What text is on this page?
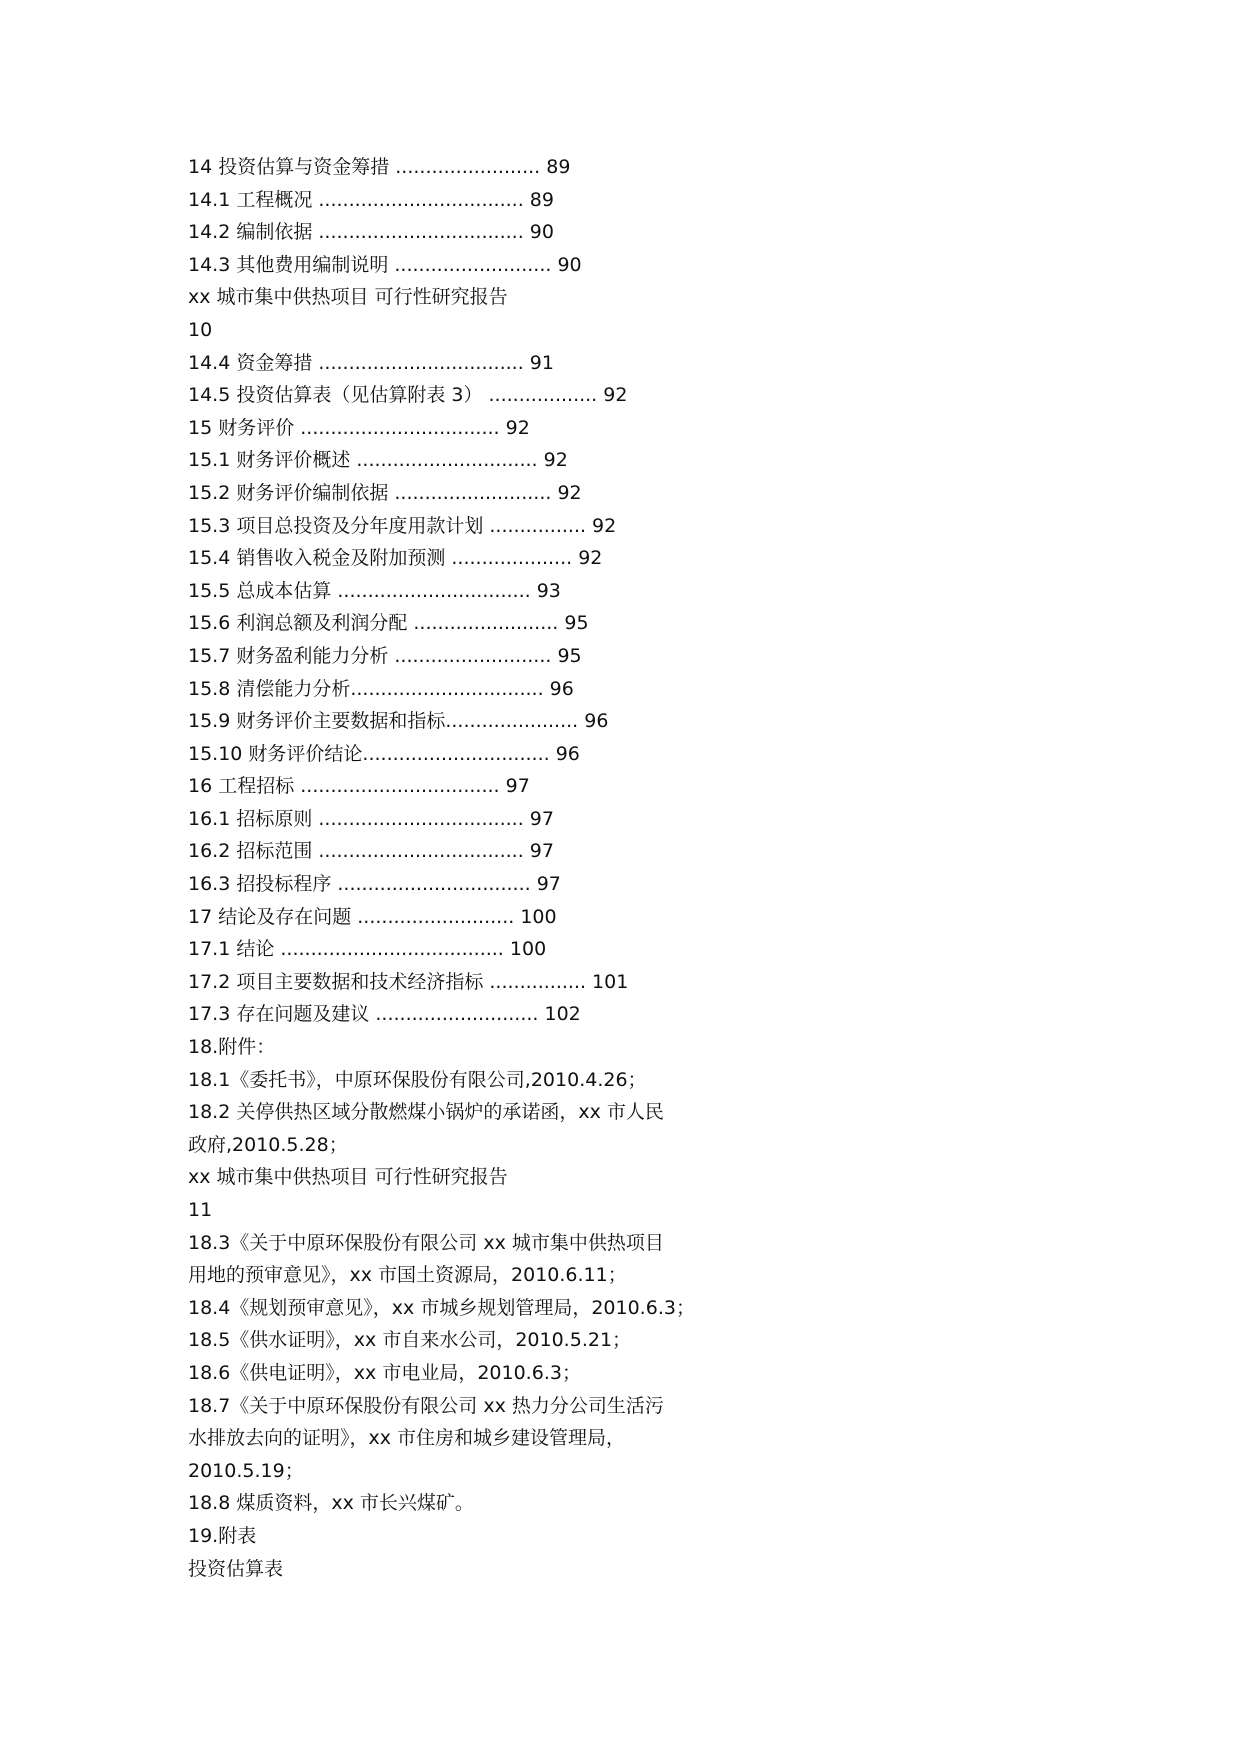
14 投资估算与资金筹措 ........................ 89
14.1 工程概况 .................................. 89
14.2 编制依据 .................................. 90
14.3 其他费用编制说明 .......................... 90
xx 城市集中供热项目 可行性研究报告
10
14.4 资金筹措 .................................. 91
14.5 投资估算表（见估算附表 3） .................. 92
15 财务评价 ................................. 92
15.1 财务评价概述 .............................. 92
15.2 财务评价编制依据 .......................... 92
15.3 项目总投资及分年度用款计划 ................ 92
15.4 销售收入税金及附加预测 .................... 92
15.5 总成本估算 ................................ 93
15.6 利润总额及利润分配 ........................ 95
15.7 财务盈利能力分析 .......................... 95
15.8 清偿能力分析................................ 96
15.9 财务评价主要数据和指标...................... 96
15.10 财务评价结论............................... 96
16 工程招标 ................................. 97
16.1 招标原则 .................................. 97
16.2 招标范围 .................................. 97
16.3 招投标程序 ................................ 97
17 结论及存在问题 .......................... 100
17.1 结论 ..................................... 100
17.2 项目主要数据和技术经济指标 ................ 101
17.3 存在问题及建议 ........................... 102
18.附件：
18.1《委托书》，中原环保股份有限公司,2010.4.26；
18.2 关停供热区域分散燃煤小锅炉的承诺函，xx 市人民
政府,2010.5.28；
xx 城市集中供热项目 可行性研究报告
11
18.3《关于中原环保股份有限公司 xx 城市集中供热项目
用地的预审意见》，xx 市国土资源局，2010.6.11；
18.4《规划预审意见》，xx 市城乡规划管理局，2010.6.3；
18.5《供水证明》，xx 市自来水公司，2010.5.21；
18.6《供电证明》，xx 市电业局，2010.6.3；
18.7《关于中原环保股份有限公司 xx 热力分公司生活污
水排放去向的证明》，xx 市住房和城乡建设管理局，
2010.5.19；
18.8 煤质资料，xx 市长兴煤矿。
19.附表
投资估算表
